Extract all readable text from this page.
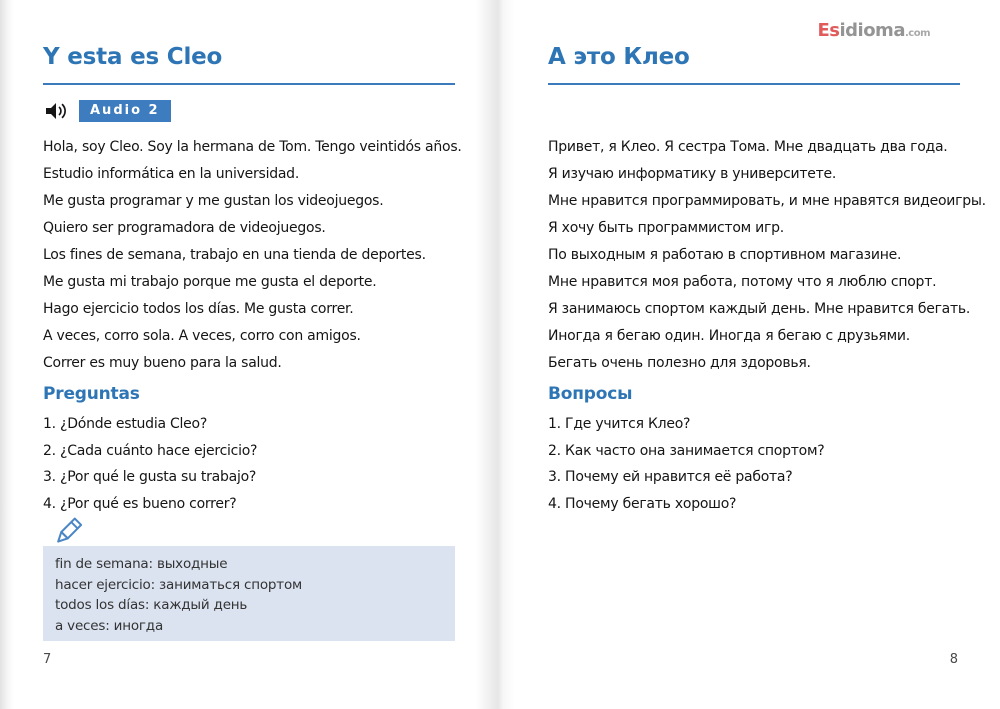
Y esta es Cleo
Audio 2
Hola, soy Cleo. Soy la hermana de Tom. Tengo veintidós años.
Estudio informática en la universidad.
Me gusta programar y me gustan los videojuegos.
Quiero ser programadora de videojuegos.
Los fines de semana, trabajo en una tienda de deportes.
Me gusta mi trabajo porque me gusta el deporte.
Hago ejercicio todos los días. Me gusta correr.
A veces, corro sola. A veces, corro con amigos.
Correr es muy bueno para la salud.
Preguntas
1. ¿Dónde estudia Cleo?
2. ¿Cada cuánto hace ejercicio?
3. ¿Por qué le gusta su trabajo?
4. ¿Por qué es bueno correr?
fin de semana: выходные
hacer ejercicio: заниматься спортом
todos los días: каждый день
a veces: иногда
7
Esidioma.com
А это Клео
Привет, я Клео. Я сестра Тома. Мне двадцать два года.
Я изучаю информатику в университете.
Мне нравится программировать, и мне нравятся видеоигры.
Я хочу быть программистом игр.
По выходным я работаю в спортивном магазине.
Мне нравится моя работа, потому что я люблю спорт.
Я занимаюсь спортом каждый день. Мне нравится бегать.
Иногда я бегаю один. Иногда я бегаю с друзьями.
Бегать очень полезно для здоровья.
Вопросы
1. Где учится Клео?
2. Как часто она занимается спортом?
3. Почему ей нравится её работа?
4. Почему бегать хорошо?
8
